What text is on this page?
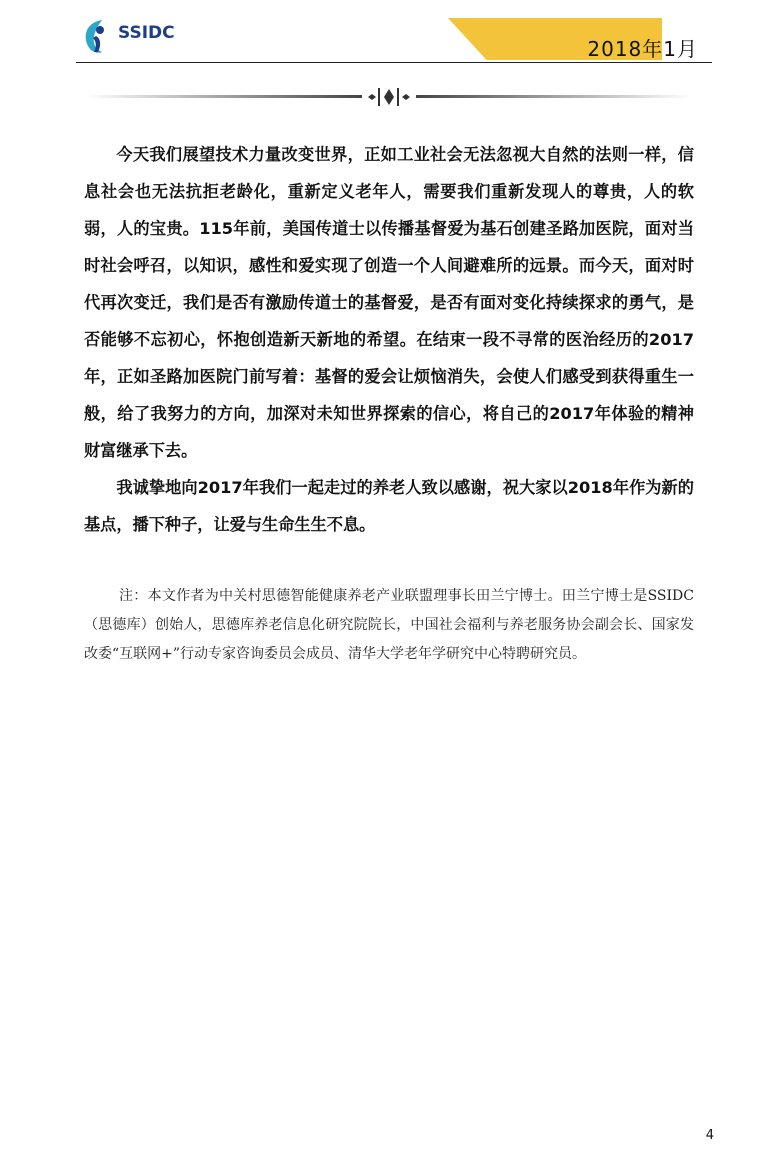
SSIDC
2018年1月

今天我们展望技术力量改变世界，正如工业社会无法忽视大自然的法则一样，信息社会也无法抗拒老龄化，重新定义老年人，需要我们重新发现人的尊贵，人的软弱，人的宝贵。115年前，美国传道士以传播基督爱为基石创建圣路加医院，面对当时社会呼召，以知识，感性和爱实现了创造一个人间避难所的远景。而今天，面对时代再次变迁，我们是否有激励传道士的基督爱，是否有面对变化持续探求的勇气，是否能够不忘初心，怀抱创造新天新地的希望。在结束一段不寻常的医治经历的2017年，正如圣路加医院门前写着：基督的爱会让烦恼消失，会使人们感受到获得重生一般，给了我努力的方向，加深对未知世界探索的信心，将自己的2017年体验的精神财富继承下去。

我诚挚地向2017年我们一起走过的养老人致以感谢，祝大家以2018年作为新的基点，播下种子，让爱与生命生生不息。

注：本文作者为中关村思德智能健康养老产业联盟理事长田兰宁博士。田兰宁博士是SSIDC（思德库）创始人，思德库养老信息化研究院院长，中国社会福利与养老服务协会副会长、国家发改委“互联网+”行动专家咨询委员会成员、清华大学老年学研究中心特聘研究员。
4
